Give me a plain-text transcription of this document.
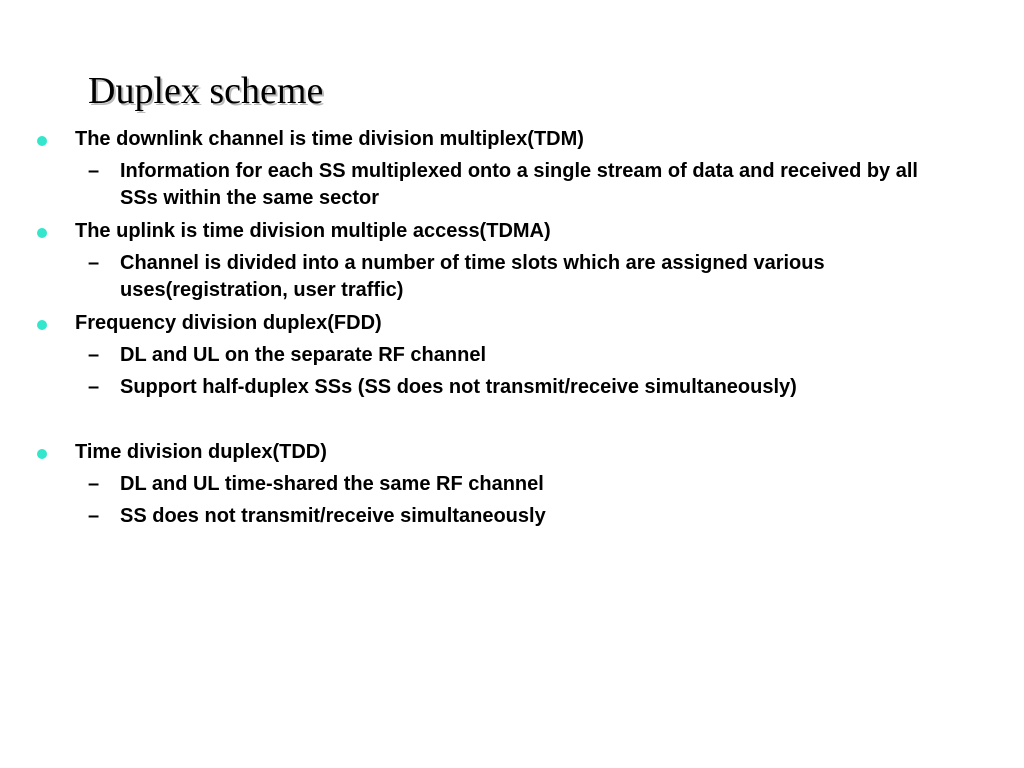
Duplex scheme
The downlink channel is time division multiplex(TDM)
– Information for each SS multiplexed onto a single stream of data and received by all SSs within the same sector
The uplink is time division multiple access(TDMA)
– Channel is divided into a number of time slots which are assigned various uses(registration, user traffic)
Frequency division duplex(FDD)
– DL and UL on the separate RF channel
– Support half-duplex SSs (SS does not transmit/receive simultaneously)
Time division duplex(TDD)
– DL and UL time-shared the same RF channel
– SS does not transmit/receive simultaneously
